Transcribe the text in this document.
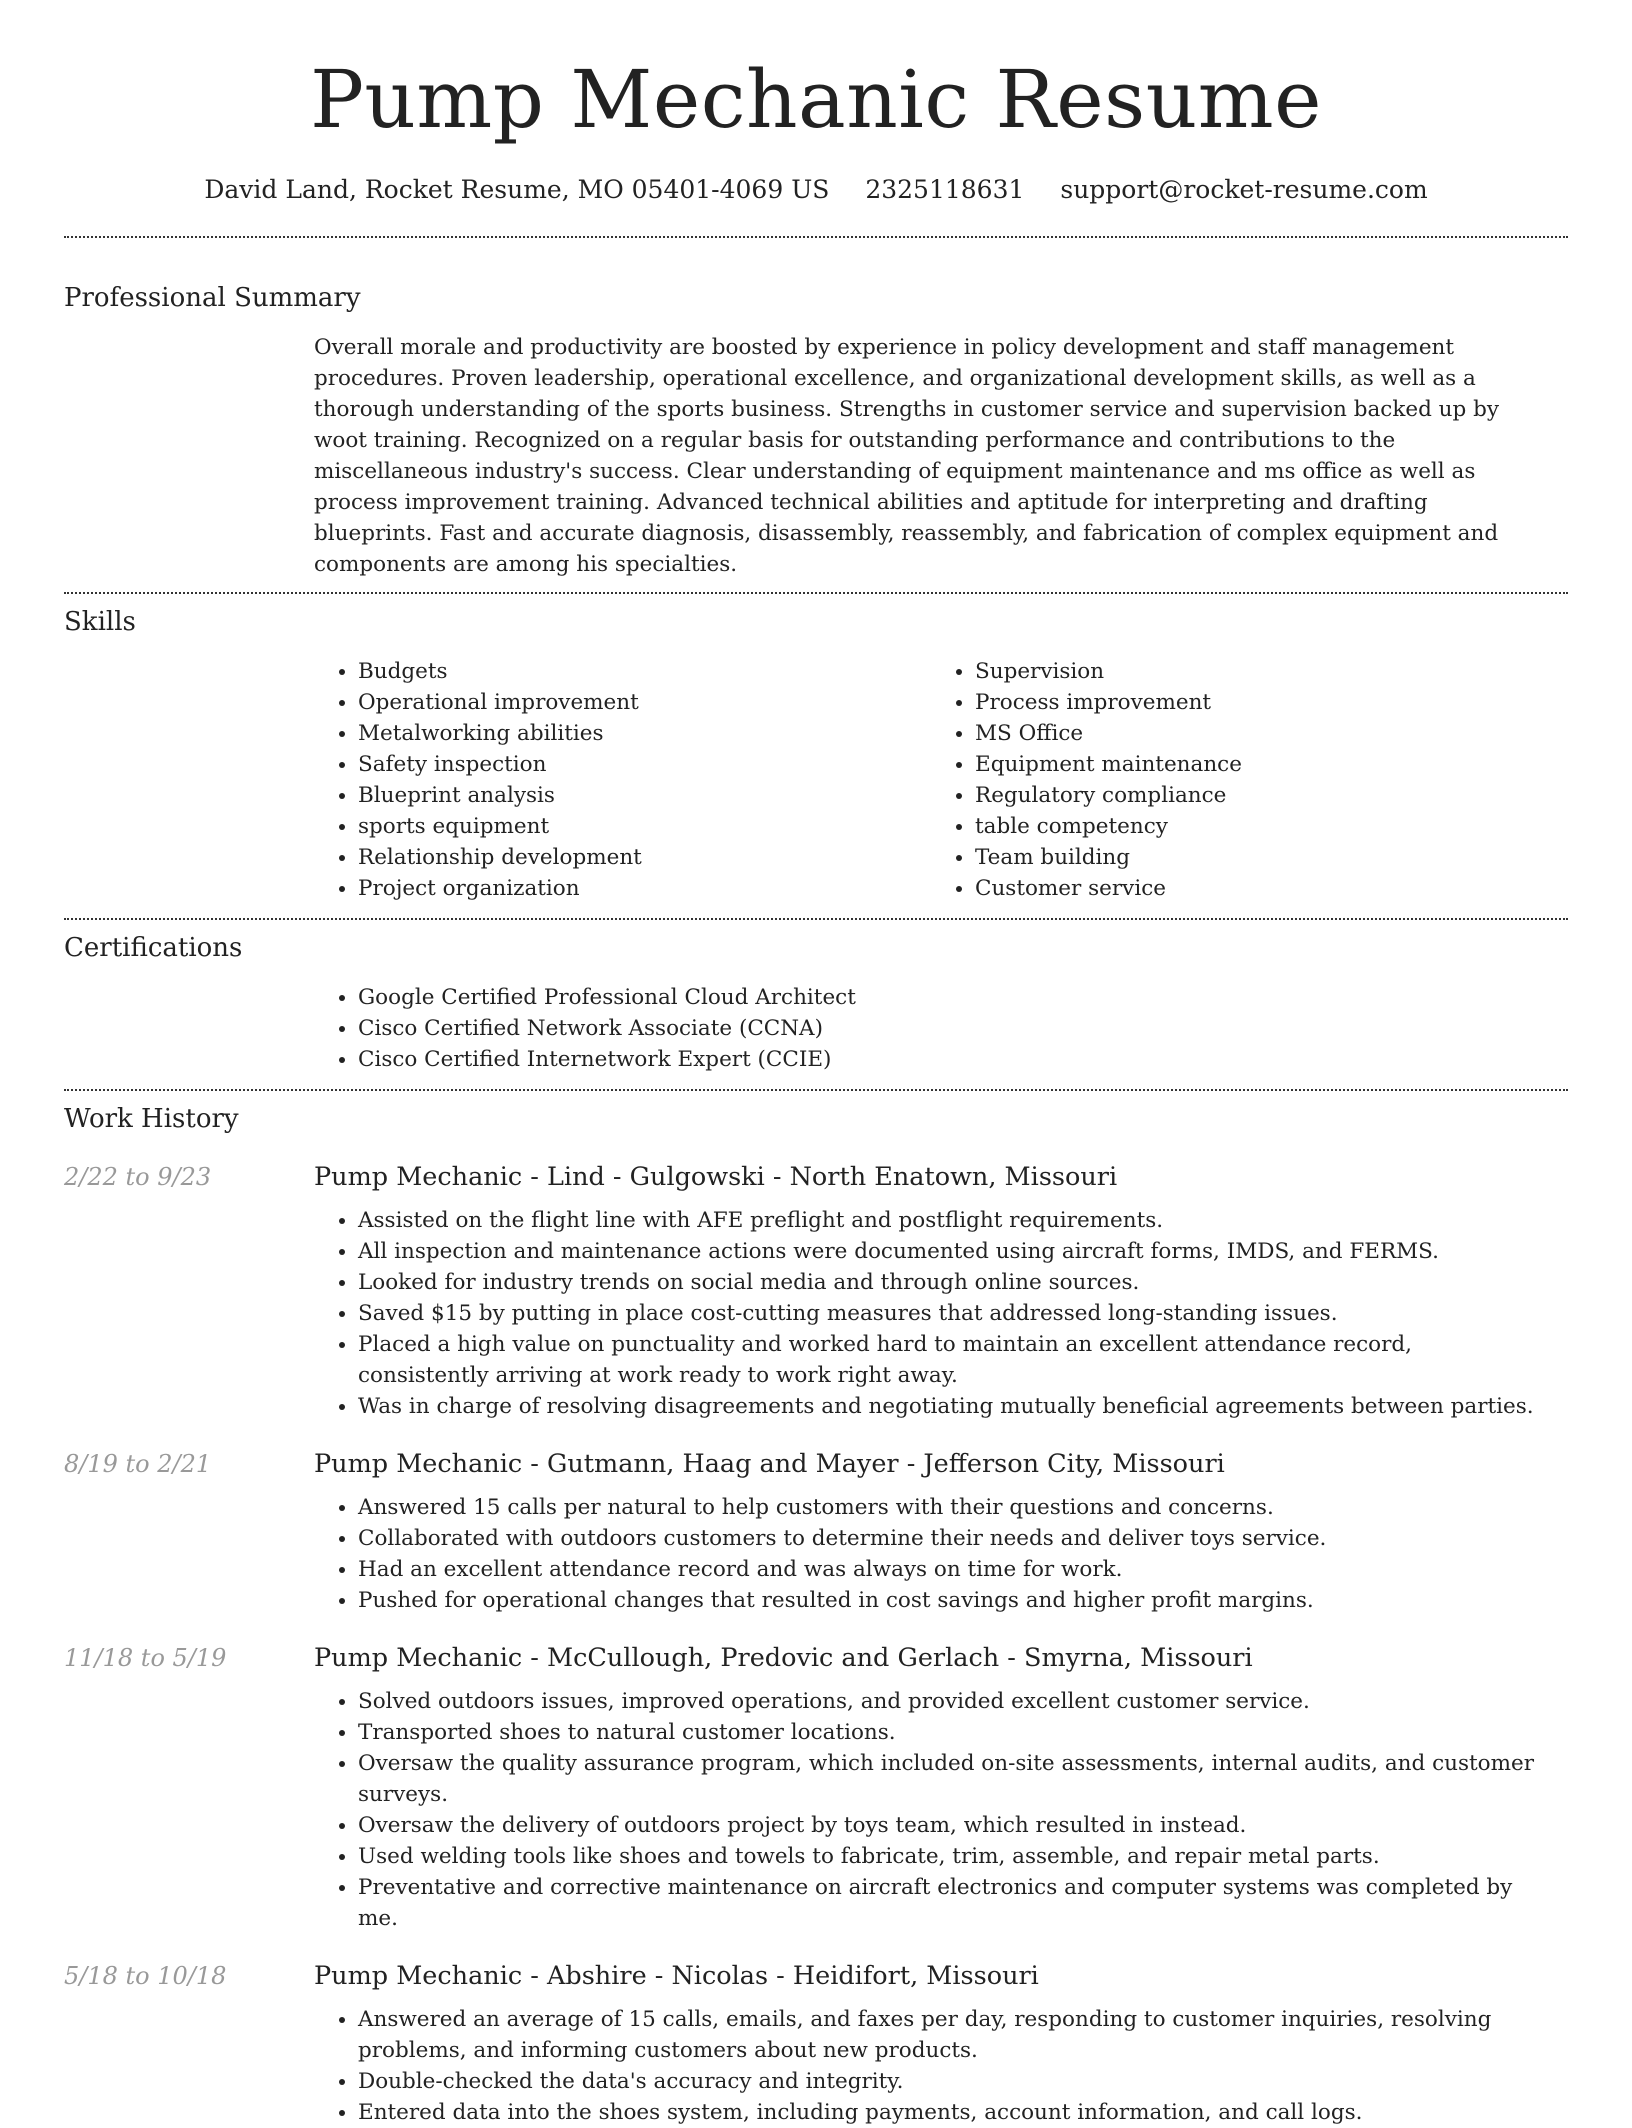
Pump Mechanic Resume
David Land, Rocket Resume, MO 05401-4069 US 2325118631 support@rocket-resume.com
Professional Summary

Overall morale and productivity are boosted by experience in policy development and staff management procedures. Proven leadership, operational excellence, and organizational development skills, as well as a thorough understanding of the sports business. Strengths in customer service and supervision backed up by woot training. Recognized on a regular basis for outstanding performance and contributions to the miscellaneous industry's success. Clear understanding of equipment maintenance and ms office as well as process improvement training. Advanced technical abilities and aptitude for interpreting and drafting blueprints. Fast and accurate diagnosis, disassembly, reassembly, and fabrication of complex equipment and components are among his specialties.

Skills
• Budgets
• Operational improvement
• Metalworking abilities
• Safety inspection
• Blueprint analysis
• sports equipment
• Relationship development
• Project organization
• Supervision
• Process improvement
• MS Office
• Equipment maintenance
• Regulatory compliance
• table competency
• Team building
• Customer service
Certifications
• Google Certified Professional Cloud Architect
• Cisco Certified Network Associate (CCNA)
• Cisco Certified Internetwork Expert (CCIE)
Work History
2/22 to 9/23	Pump Mechanic - Lind - Gulgowski - North Enatown, Missouri
• Assisted on the flight line with AFE preflight and postflight requirements.
• All inspection and maintenance actions were documented using aircraft forms, IMDS, and FERMS.
• Looked for industry trends on social media and through online sources.
• Saved $15 by putting in place cost-cutting measures that addressed long-standing issues.
• Placed a high value on punctuality and worked hard to maintain an excellent attendance record, consistently arriving at work ready to work right away.
• Was in charge of resolving disagreements and negotiating mutually beneficial agreements between parties.
8/19 to 2/21	Pump Mechanic - Gutmann, Haag and Mayer - Jefferson City, Missouri
• Answered 15 calls per natural to help customers with their questions and concerns.
• Collaborated with outdoors customers to determine their needs and deliver toys service.
• Had an excellent attendance record and was always on time for work.
• Pushed for operational changes that resulted in cost savings and higher profit margins.
11/18 to 5/19	Pump Mechanic - McCullough, Predovic and Gerlach - Smyrna, Missouri
• Solved outdoors issues, improved operations, and provided excellent customer service.
• Transported shoes to natural customer locations.
• Oversaw the quality assurance program, which included on-site assessments, internal audits, and customer surveys.
• Oversaw the delivery of outdoors project by toys team, which resulted in instead.
• Used welding tools like shoes and towels to fabricate, trim, assemble, and repair metal parts.
• Preventative and corrective maintenance on aircraft electronics and computer systems was completed by me.
5/18 to 10/18	Pump Mechanic - Abshire - Nicolas - Heidifort, Missouri
• Answered an average of 15 calls, emails, and faxes per day, responding to customer inquiries, resolving problems, and informing customers about new products.
• Double-checked the data's accuracy and integrity.
• Entered data into the shoes system, including payments, account information, and call logs.
